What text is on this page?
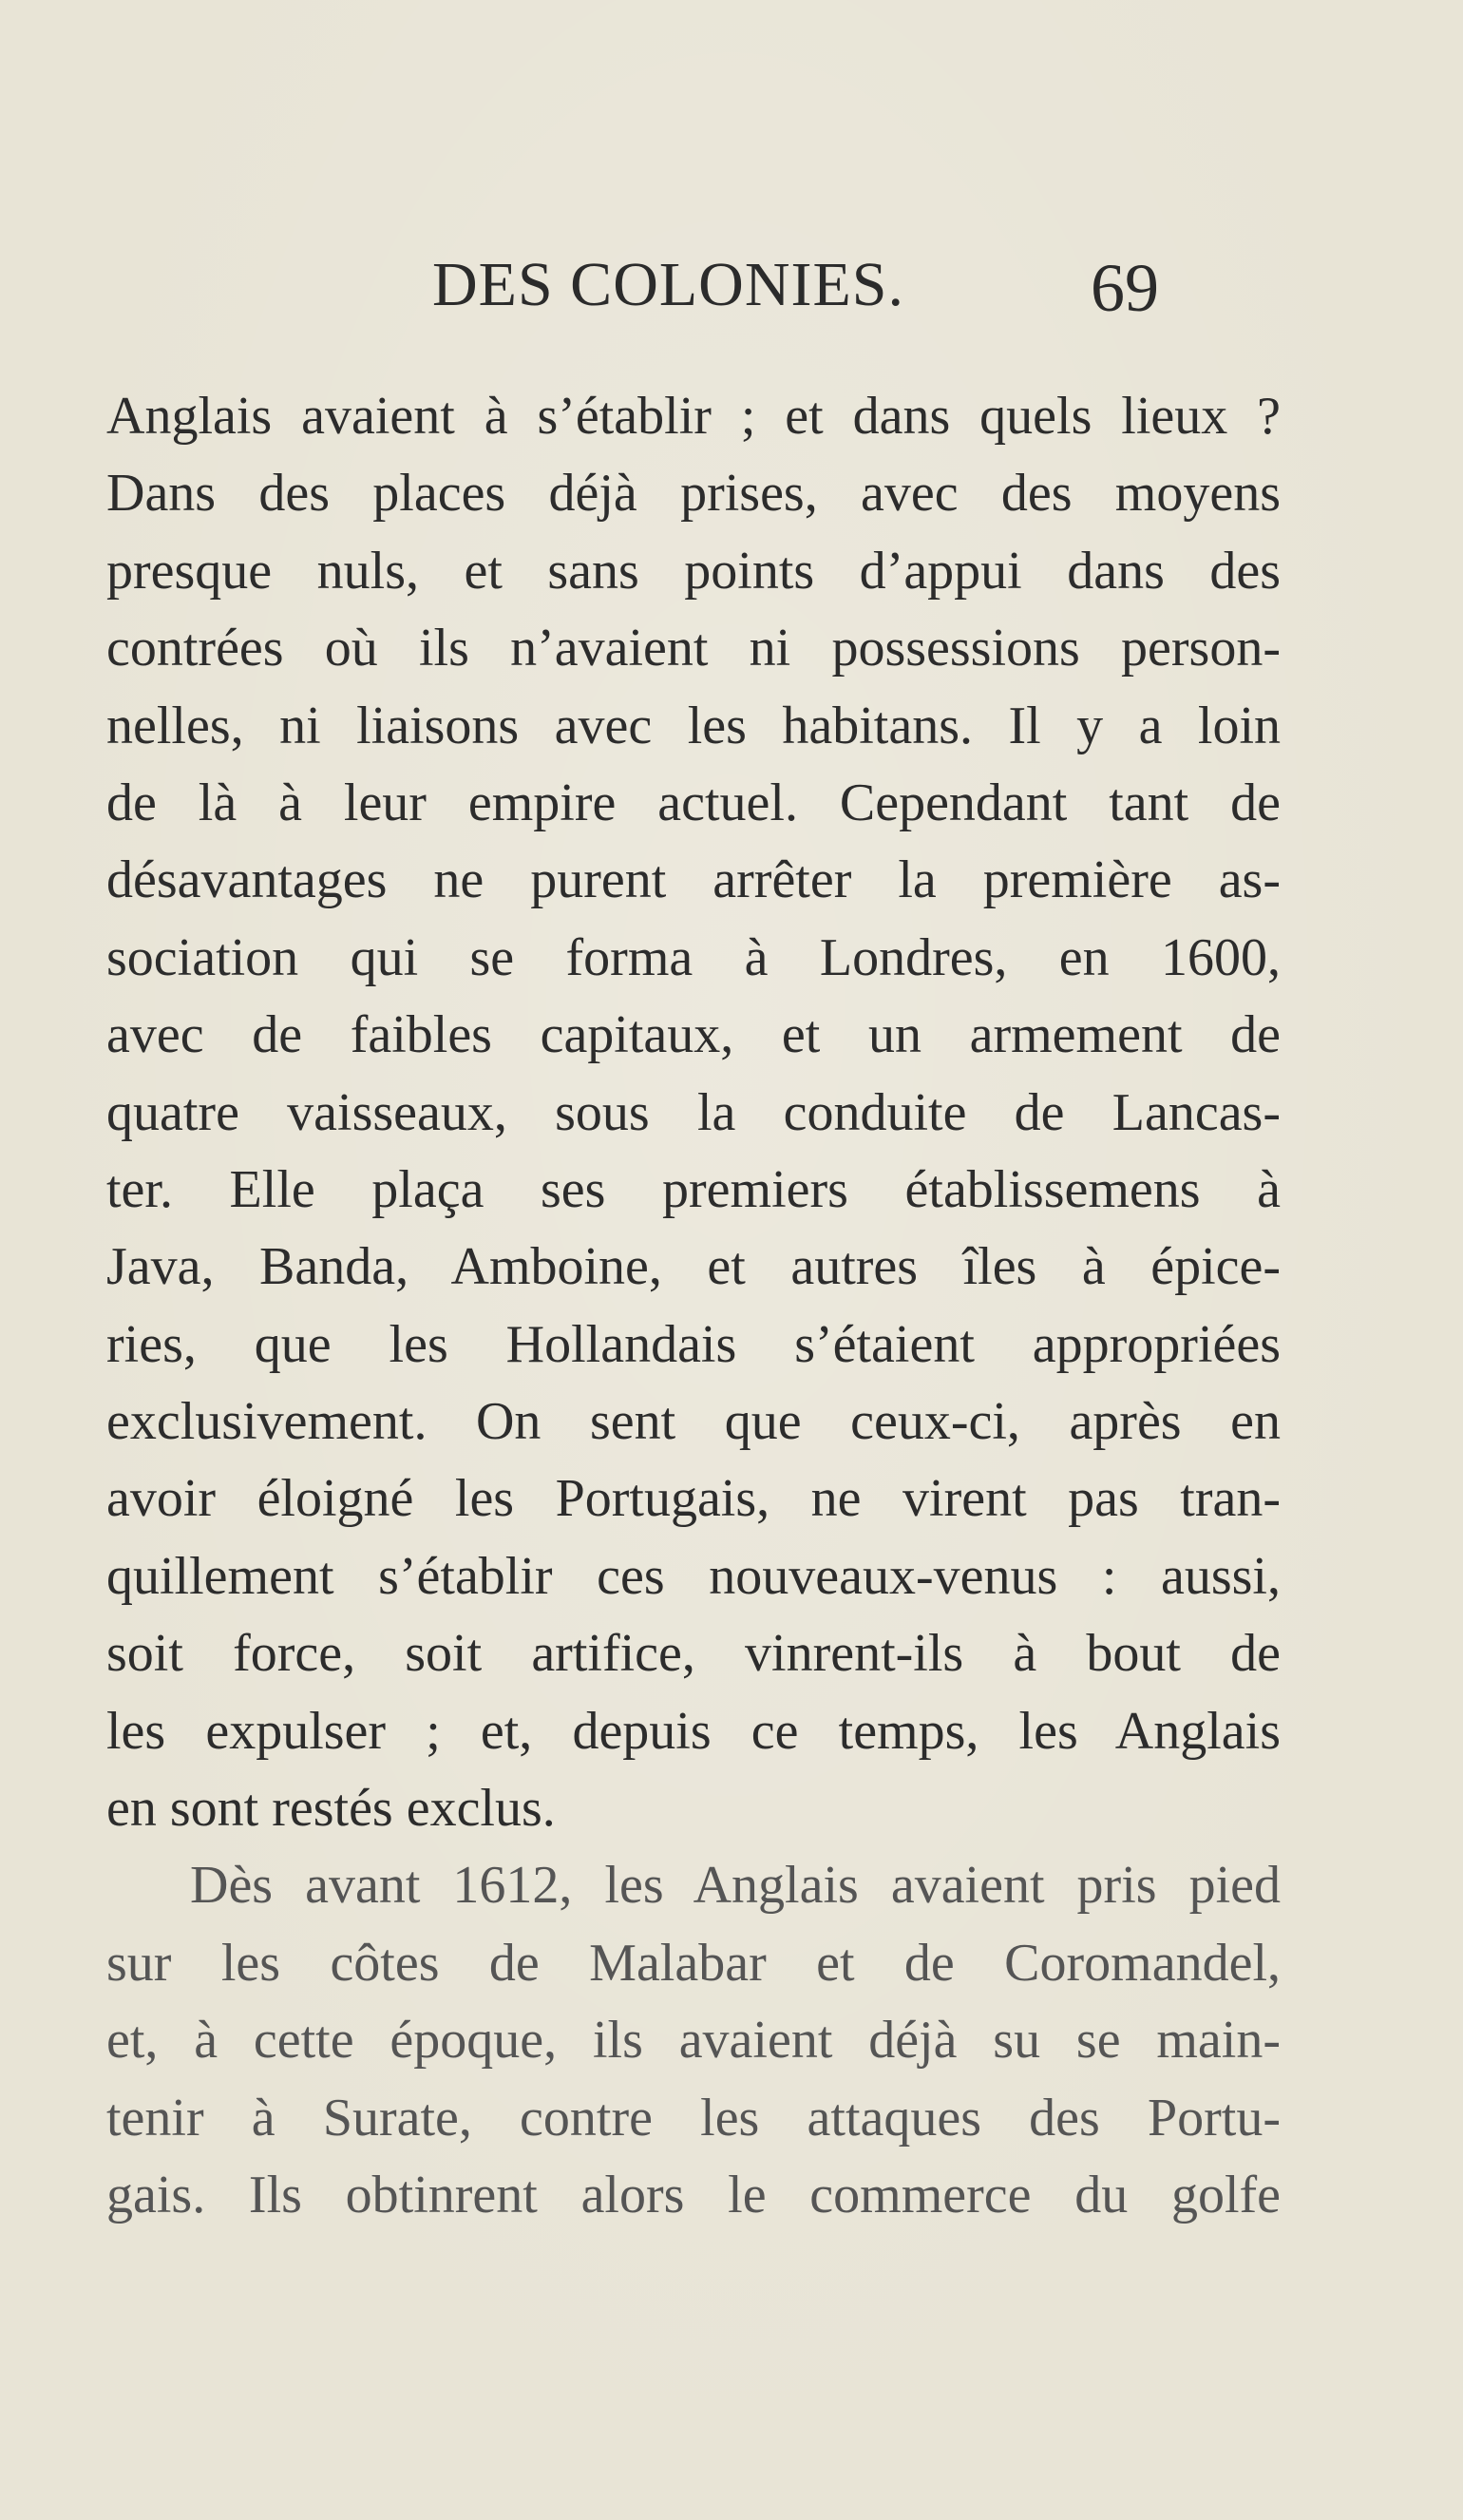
DES COLONIES.	69
Anglais avaient à s’établir ; et dans quels lieux ?
Dans des places déjà prises, avec des moyens
presque nuls, et sans points d’appui dans des
contrées où ils n’avaient ni possessions person-
nelles, ni liaisons avec les habitans. Il y a loin
de là à leur empire actuel. Cependant tant de
désavantages ne purent arrêter la première as-
sociation qui se forma à Londres, en 1600,
avec de faibles capitaux, et un armement de
quatre vaisseaux, sous la conduite de Lancas-
ter. Elle plaça ses premiers établissemens à
Java, Banda, Amboine, et autres îles à épice-
ries, que les Hollandais s’étaient appropriées
exclusivement. On sent que ceux-ci, après en
avoir éloigné les Portugais, ne virent pas tran-
quillement s’établir ces nouveaux-venus : aussi,
soit force, soit artifice, vinrent-ils à bout de
les expulser ; et, depuis ce temps, les Anglais
en sont restés exclus.
Dès avant 1612, les Anglais avaient pris pied
sur les côtes de Malabar et de Coromandel,
et, à cette époque, ils avaient déjà su se main-
tenir à Surate, contre les attaques des Portu-
gais. Ils obtinrent alors le commerce du golfe
